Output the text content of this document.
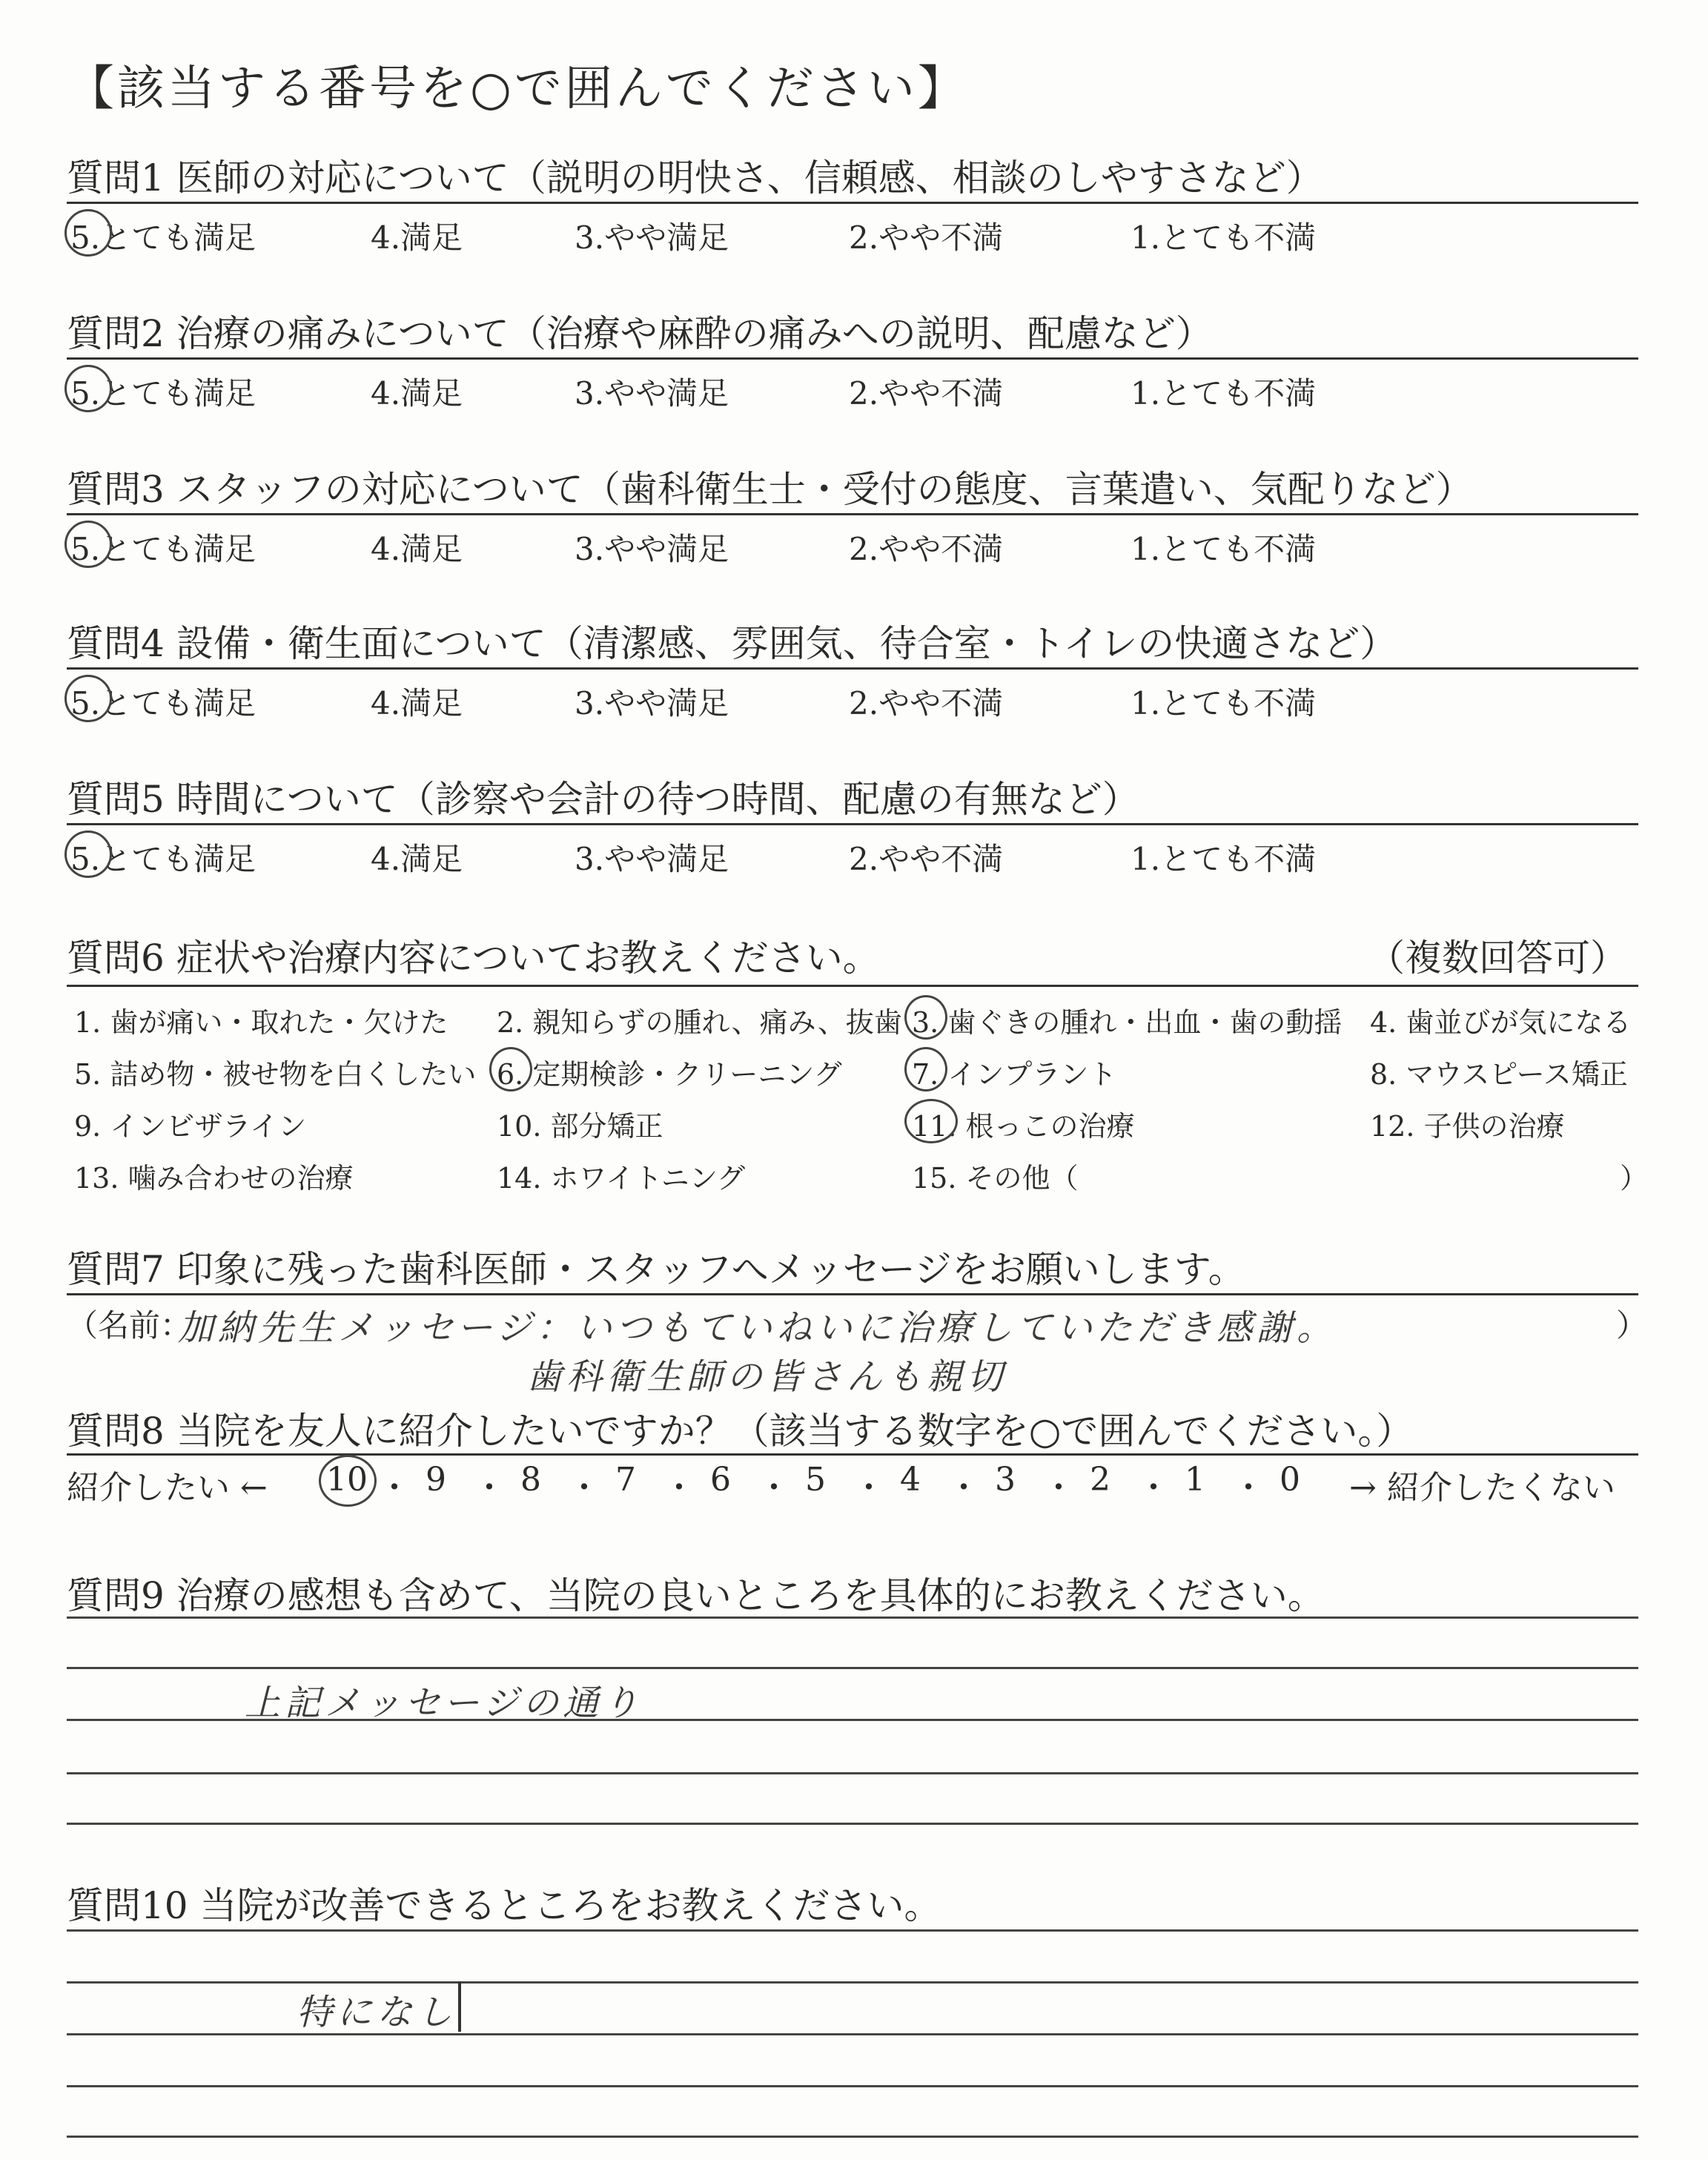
【該当する番号を○で囲んでください】
質問1 医師の対応について（説明の明快さ、信頼感、相談のしやすさなど）
5.とても満足	4.満足	3.やや満足	2.やや不満	1.とても不満
質問2 治療の痛みについて（治療や麻酔の痛みへの説明、配慮など）
5.とても満足	4.満足	3.やや満足	2.やや不満	1.とても不満
質問3 スタッフの対応について（歯科衛生士・受付の態度、言葉遣い、気配りなど）
5.とても満足	4.満足	3.やや満足	2.やや不満	1.とても不満
質問4 設備・衛生面について（清潔感、雰囲気、待合室・トイレの快適さなど）
5.とても満足	4.満足	3.やや満足	2.やや不満	1.とても不満
質問5 時間について（診察や会計の待つ時間、配慮の有無など）
5.とても満足	4.満足	3.やや満足	2.やや不満	1.とても不満
質問6 症状や治療内容についてお教えください。	（複数回答可）
1. 歯が痛い・取れた・欠けた 2. 親知らずの腫れ、痛み、抜歯 3. 歯ぐきの腫れ・出血・歯の動揺 4. 歯並びが気になる
5. 詰め物・被せ物を白くしたい 6. 定期検診・クリーニング 7. インプラント	8. マウスピース矯正
9. インビザライン	10. 部分矯正	11. 根っこの治療	12. 子供の治療
13. 噛み合わせの治療	14. ホワイトニング	15. その他（	）
質問7 印象に残った歯科医師・スタッフへメッセージをお願いします。
（名前：	）
加納先生メッセージ：いつもていねいに治療していただき感謝。
歯科衛生師の皆さんも親切
質問8 当院を友人に紹介したいですか？（該当する数字を○で囲んでください。）
紹介したい ← 10 ・ 9 ・ 8 ・ 7 ・ 6 ・ 5 ・ 4 ・ 3 ・ 2 ・ 1 ・ 0 → 紹介したくない
質問9 治療の感想も含めて、当院の良いところを具体的にお教えください。
上記メッセージの通り
質問10 当院が改善できるところをお教えください。
特になし
